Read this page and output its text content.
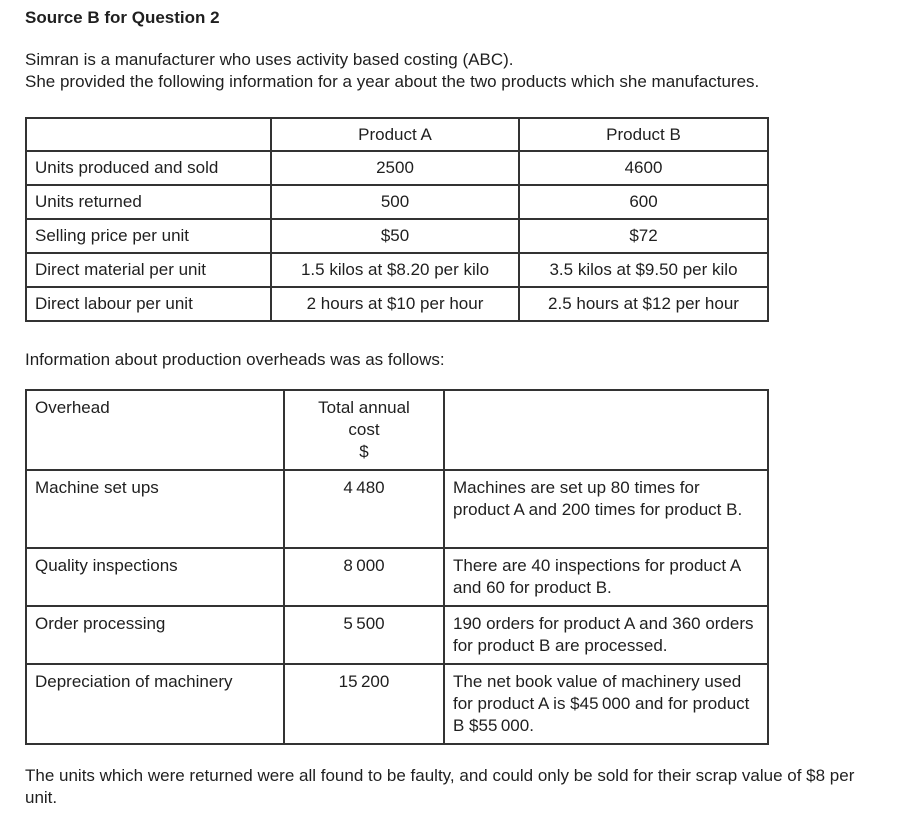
Source B for Question 2

Simran is a manufacturer who uses activity based costing (ABC).
She provided the following information for a year about the two products which she manufactures.
	Product A	Product B
Units produced and sold	2500	4600
Units returned	500	600
Selling price per unit	$50	$72
Direct material per unit	1.5 kilos at $8.20 per kilo	3.5 kilos at $9.50 per kilo
Direct labour per unit	2 hours at $10 per hour	2.5 hours at $12 per hour

Information about production overheads was as follows:

Overhead	Total annual
cost
$	

Machine set ups	4 480	Machines are set up 80 times for product A and 200 times for product B.
Quality inspections	8 000	There are 40 inspections for product A and 60 for product B.
Order processing	5 500	190 orders for product A and 360 orders for product B are processed.
Depreciation of machinery	15 200	The net book value of machinery used for product A is $45 000 and for product B $55 000.

The units which were returned were all found to be faulty, and could only be sold for their scrap value of $8 per unit.
